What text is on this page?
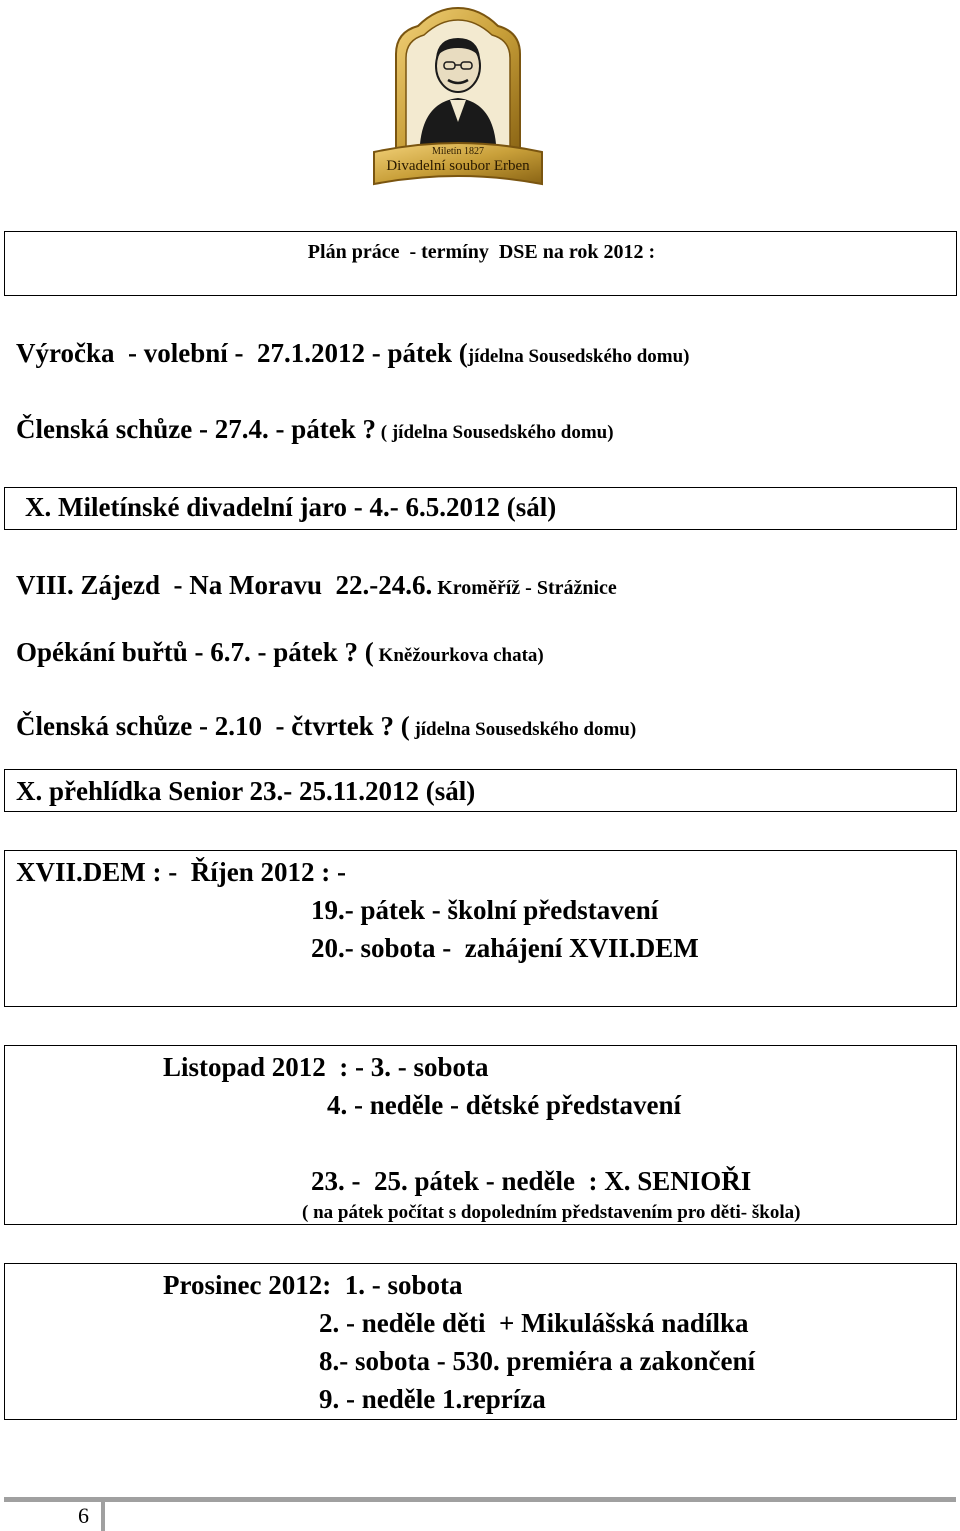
Miletín 1827
Divadelní soubor Erben
Plán práce  - termíny  DSE na rok 2012 :
Výročka  - volební -  27.1.2012 - pátek (jídelna Sousedského domu)
Členská schůze - 27.4. - pátek ? ( jídelna Sousedského domu)
X. Miletínské divadelní jaro - 4.- 6.5.2012 (sál)
VIII. Zájezd  - Na Moravu  22.-24.6. Kroměříž - Strážnice
Opékání buřtů - 6.7. - pátek ? ( Kněžourkova chata)
Členská schůze - 2.10  - čtvrtek ? ( jídelna Sousedského domu)
X. přehlídka Senior 23.- 25.11.2012 (sál)
XVII.DEM : -  Říjen 2012 : -
19.- pátek - školní představení
20.- sobota -  zahájení XVII.DEM
Listopad 2012  : - 3. - sobota
4. - neděle - dětské představení
23. -  25. pátek - neděle  : X. SENIOŘI
( na pátek počítat s dopoledním představením pro děti- škola)
Prosinec 2012:  1. - sobota
2. - neděle děti  + Mikulášská nadílka
8.- sobota - 530. premiéra a zakončení
9. - neděle 1.repríza
6
